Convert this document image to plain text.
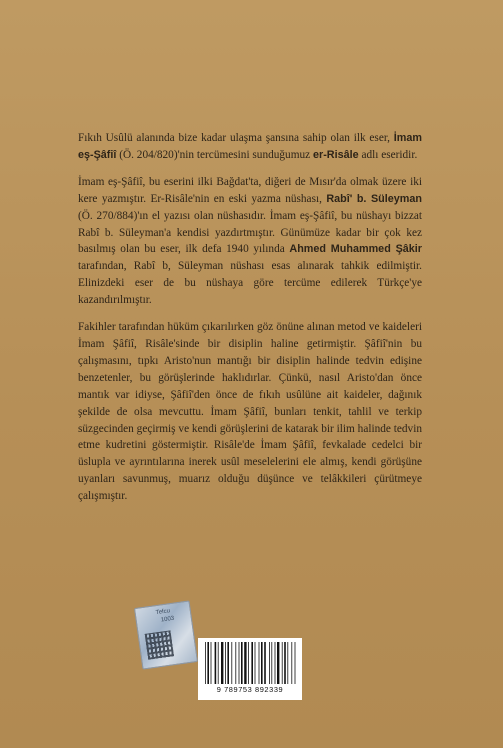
Fıkıh Usûlü alanında bize kadar ulaşma şansına sahip olan ilk eser, İmam eş-Şâfiî (Ö. 204/820)'nin tercümesini sunduğumuz er-Risâle adlı eseridir.
İmam eş-Şâfiî, bu eserini ilki Bağdat'ta, diğeri de Mısır'da olmak üzere iki kere yazmıştır. Er-Risâle'nin en eski yazma nüshası, Rabî' b. Süleyman (Ö. 270/884)'ın el yazısı olan nüshasıdır. İmam eş-Şâfiî, bu nüshayı bizzat Rabî b. Süleyman'a kendisi yazdırtmıştır. Günümüze kadar bir çok kez basılmış olan bu eser, ilk defa 1940 yılında Ahmed Muhammed Şâkir tarafından, Rabî b, Süleyman nüshası esas alınarak tahkik edilmiştir. Elinizdeki eser de bu nüshaya göre tercüme edilerek Türkçe'ye kazandırılmıştır.
Fakihler tarafından hüküm çıkarılırken göz önüne alınan metod ve kaideleri İmam Şâfiî, Risâle'sinde bir disiplin haline getirmiştir. Şâfiî'nin bu çalışmasını, tıpkı Aristo'nun mantığı bir disiplin halinde tedvin edişine benzetenler, bu görüşlerinde haklıdırlar. Çünkü, nasıl Aristo'dan önce mantık var idiyse, Şâfiî'den önce de fıkıh usûlüne ait kaideler, dağınık şekilde de olsa mevcuttu. İmam Şâfiî, bunları tenkit, tahlil ve terkip süzgecinden geçirmiş ve kendi görüşlerini de katarak bir ilim halinde tedvin etme kudretini göstermiştir. Risâle'de İmam Şâfiî, fevkalade cedelci bir üslupla ve ayrıntılarına inerek usûl meselelerini ele almış, kendi görüşüne uyanları savunmuş, muarız olduğu düşünce ve telâkkileri çürütmeye çalışmıştır.
Tefcu
1003
9 789753 892339
